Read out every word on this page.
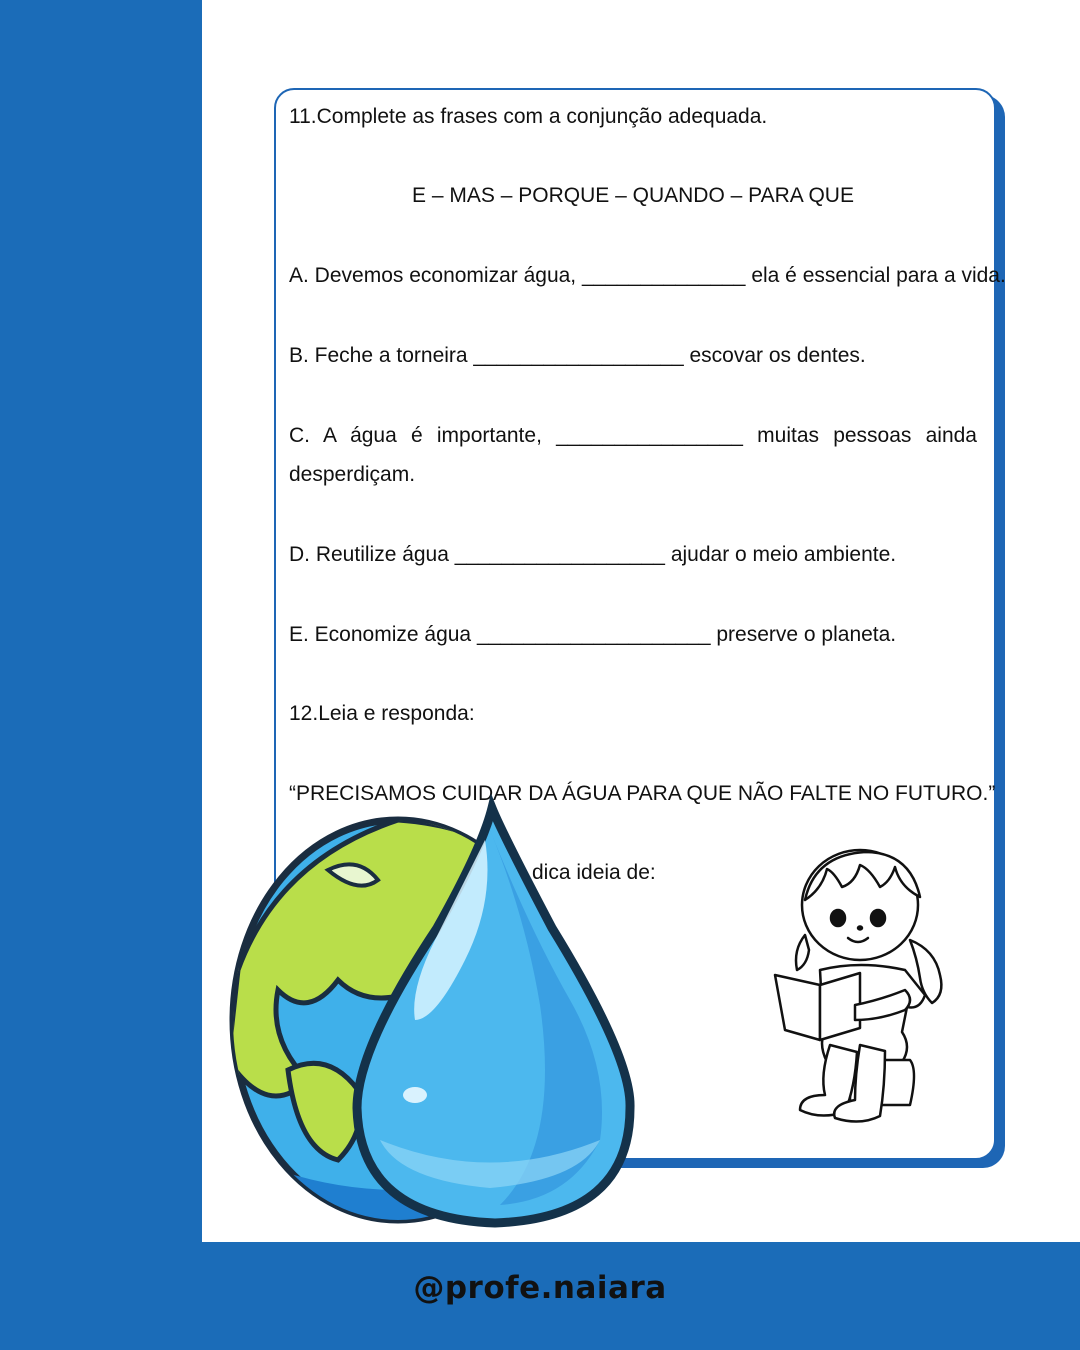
11.Complete as frases com a conjunção adequada.
E – MAS – PORQUE – QUANDO – PARA QUE
A. Devemos economizar água, ______________ ela é essencial para a vida.
B. Feche a torneira __________________ escovar os dentes.
C. A água é importante, ________________ muitas pessoas ainda
desperdiçam.
D. Reutilize água __________________ ajudar o meio ambiente.
E. Economize água ____________________ preserve o planeta.
12.Leia e responda:
“PRECISAMOS CUIDAR DA ÁGUA PARA QUE NÃO FALTE NO FUTURO.”
dica ideia de:
@profe.naiara
